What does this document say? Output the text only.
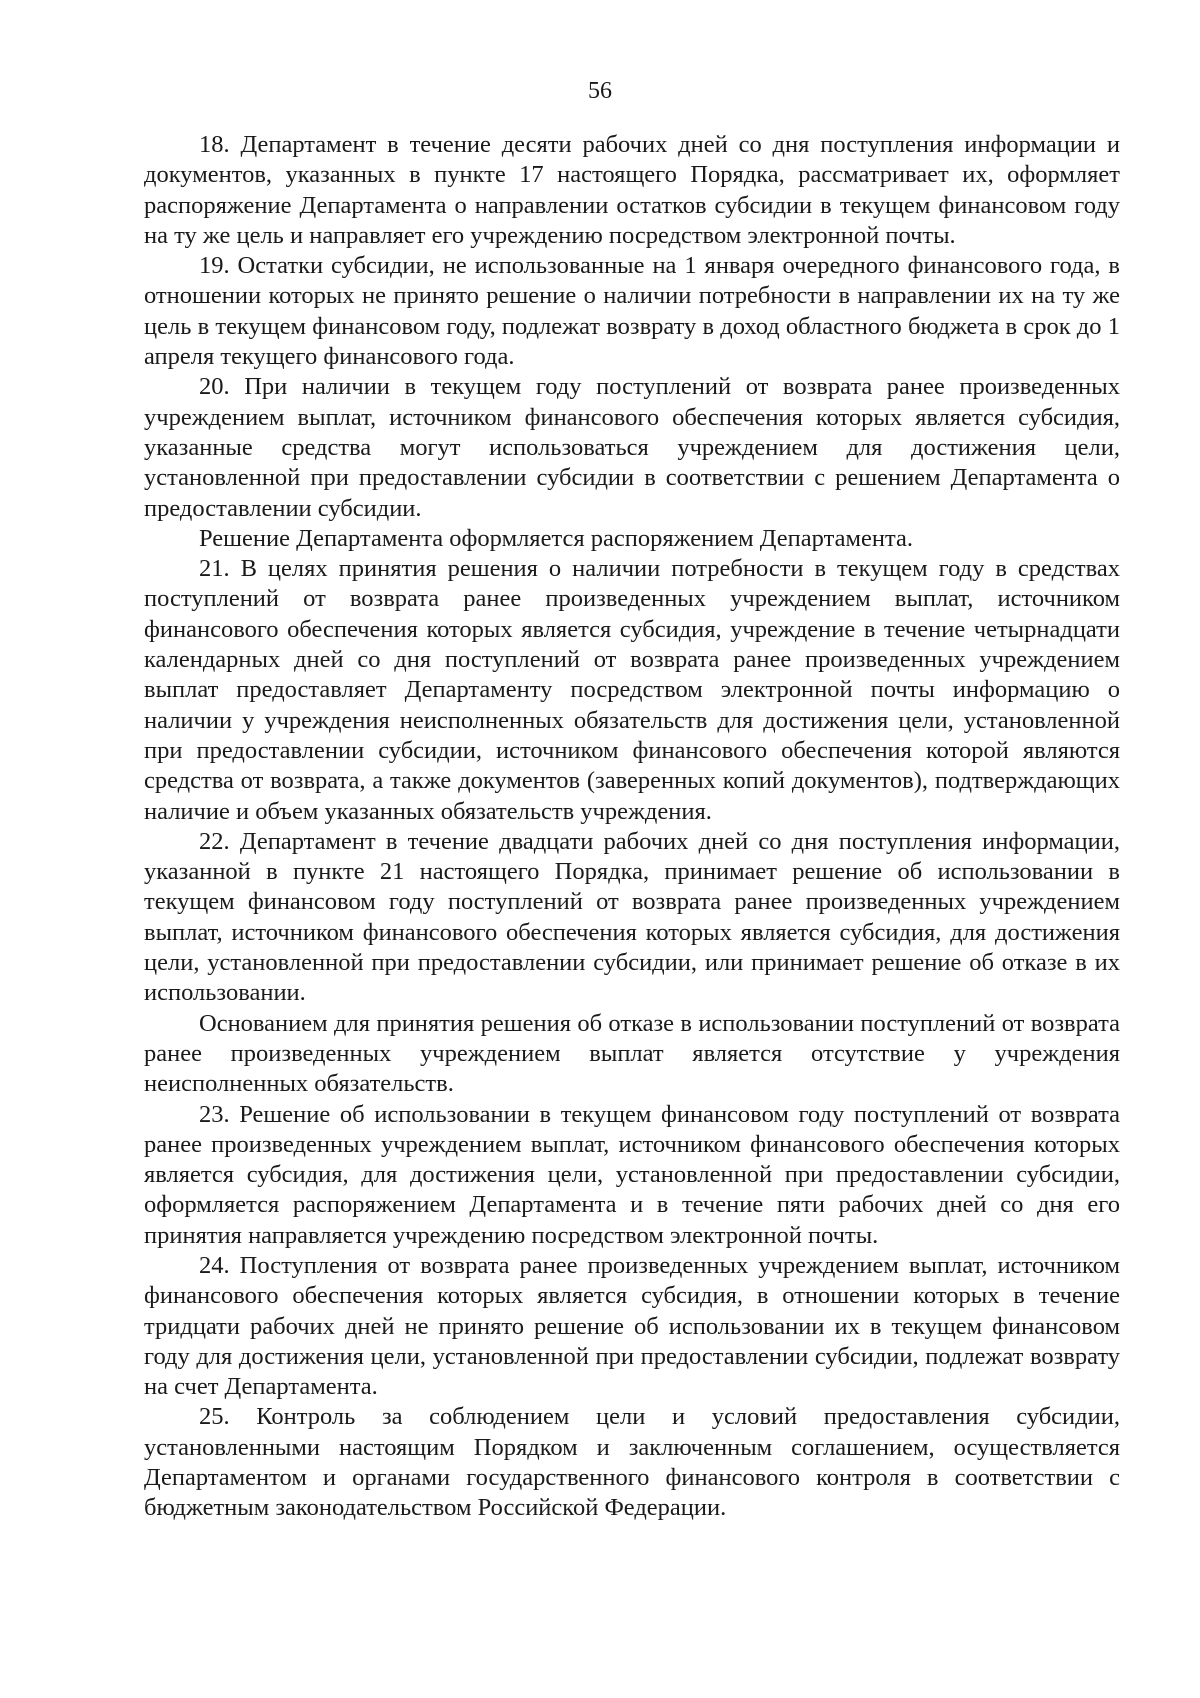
56

18. Департамент в течение десяти рабочих дней со дня поступления информации и документов, указанных в пункте 17 настоящего Порядка, рассматривает их, оформляет распоряжение Департамента о направлении остатков субсидии в текущем финансовом году на ту же цель и направляет его учреждению посредством электронной почты.

19. Остатки субсидии, не использованные на 1 января очередного финансового года, в отношении которых не принято решение о наличии потребности в направлении их на ту же цель в текущем финансовом году, подлежат возврату в доход областного бюджета в срок до 1 апреля текущего финансового года.

20. При наличии в текущем году поступлений от возврата ранее произведенных учреждением выплат, источником финансового обеспечения которых является субсидия, указанные средства могут использоваться учреждением для достижения цели, установленной при предоставлении субсидии в соответствии с решением Департамента о предоставлении субсидии.

Решение Департамента оформляется распоряжением Департамента.

21. В целях принятия решения о наличии потребности в текущем году в средствах поступлений от возврата ранее произведенных учреждением выплат, источником финансового обеспечения которых является субсидия, учреждение в течение четырнадцати календарных дней со дня поступлений от возврата ранее произведенных учреждением выплат предоставляет Департаменту посредством электронной почты информацию о наличии у учреждения неисполненных обязательств для достижения цели, установленной при предоставлении субсидии, источником финансового обеспечения которой являются средства от возврата, а также документов (заверенных копий документов), подтверждающих наличие и объем указанных обязательств учреждения.

22. Департамент в течение двадцати рабочих дней со дня поступления информации, указанной в пункте 21 настоящего Порядка, принимает решение об использовании в текущем финансовом году поступлений от возврата ранее произведенных учреждением выплат, источником финансового обеспечения которых является субсидия, для достижения цели, установленной при предоставлении субсидии, или принимает решение об отказе в их использовании.

Основанием для принятия решения об отказе в использовании поступлений от возврата ранее произведенных учреждением выплат является отсутствие у учреждения неисполненных обязательств.

23. Решение об использовании в текущем финансовом году поступлений от возврата ранее произведенных учреждением выплат, источником финансового обеспечения которых является субсидия, для достижения цели, установленной при предоставлении субсидии, оформляется распоряжением Департамента и в течение пяти рабочих дней со дня его принятия направляется учреждению посредством электронной почты.

24. Поступления от возврата ранее произведенных учреждением выплат, источником финансового обеспечения которых является субсидия, в отношении которых в течение тридцати рабочих дней не принято решение об использовании их в текущем финансовом году для достижения цели, установленной при предоставлении субсидии, подлежат возврату на счет Департамента.

25. Контроль за соблюдением цели и условий предоставления субсидии, установленными настоящим Порядком и заключенным соглашением, осуществляется Департаментом и органами государственного финансового контроля в соответствии с бюджетным законодательством Российской Федерации.
